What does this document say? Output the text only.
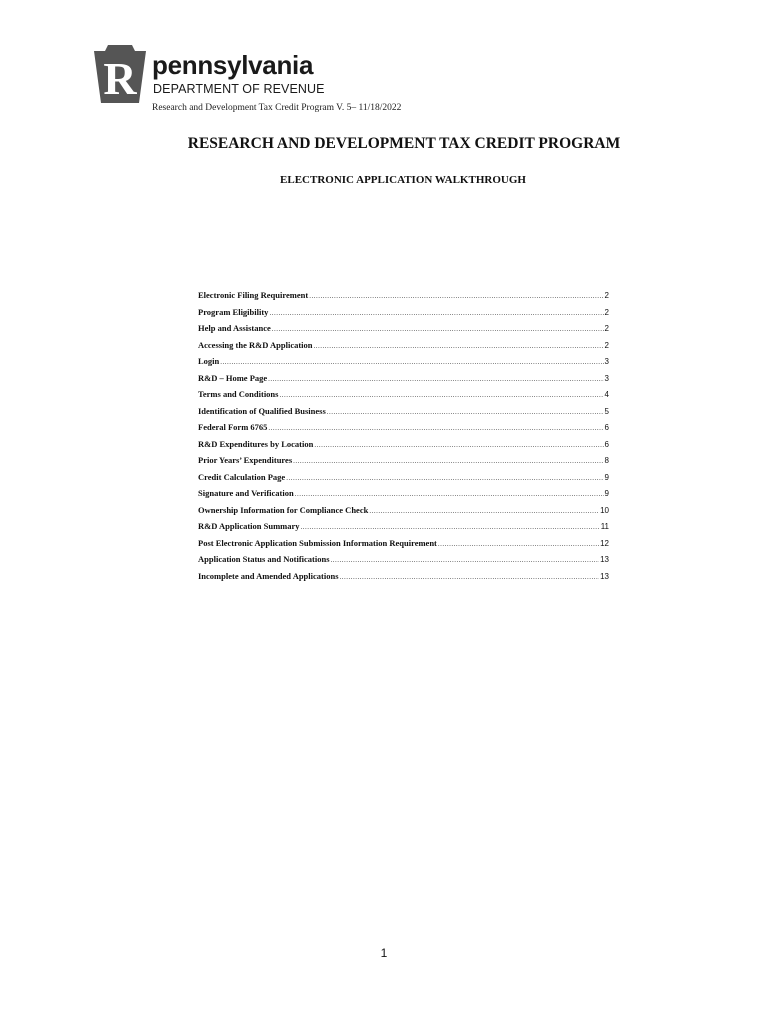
R pennsylvania
DEPARTMENT OF REVENUE
Research and Development Tax Credit Program V. 5– 11/18/2022
RESEARCH AND DEVELOPMENT TAX CREDIT PROGRAM
ELECTRONIC APPLICATION WALKTHROUGH
Electronic Filing Requirement .....	2
Program Eligibility .....	2
Help and Assistance .....	2
Accessing the R&D Application .....	2
Login .....	3
R&D – Home Page .....	3
Terms and Conditions .....	4
Identification of Qualified Business .....	5
Federal Form 6765 .....	6
R&D Expenditures by Location .....	6
Prior Years’ Expenditures .....	8
Credit Calculation Page .....	9
Signature and Verification .....	9
Ownership Information for Compliance Check .....	10
R&D Application Summary .....	11
Post Electronic Application Submission Information Requirement .....	12
Application Status and Notifications .....	13
Incomplete and Amended Applications .....	13
1
